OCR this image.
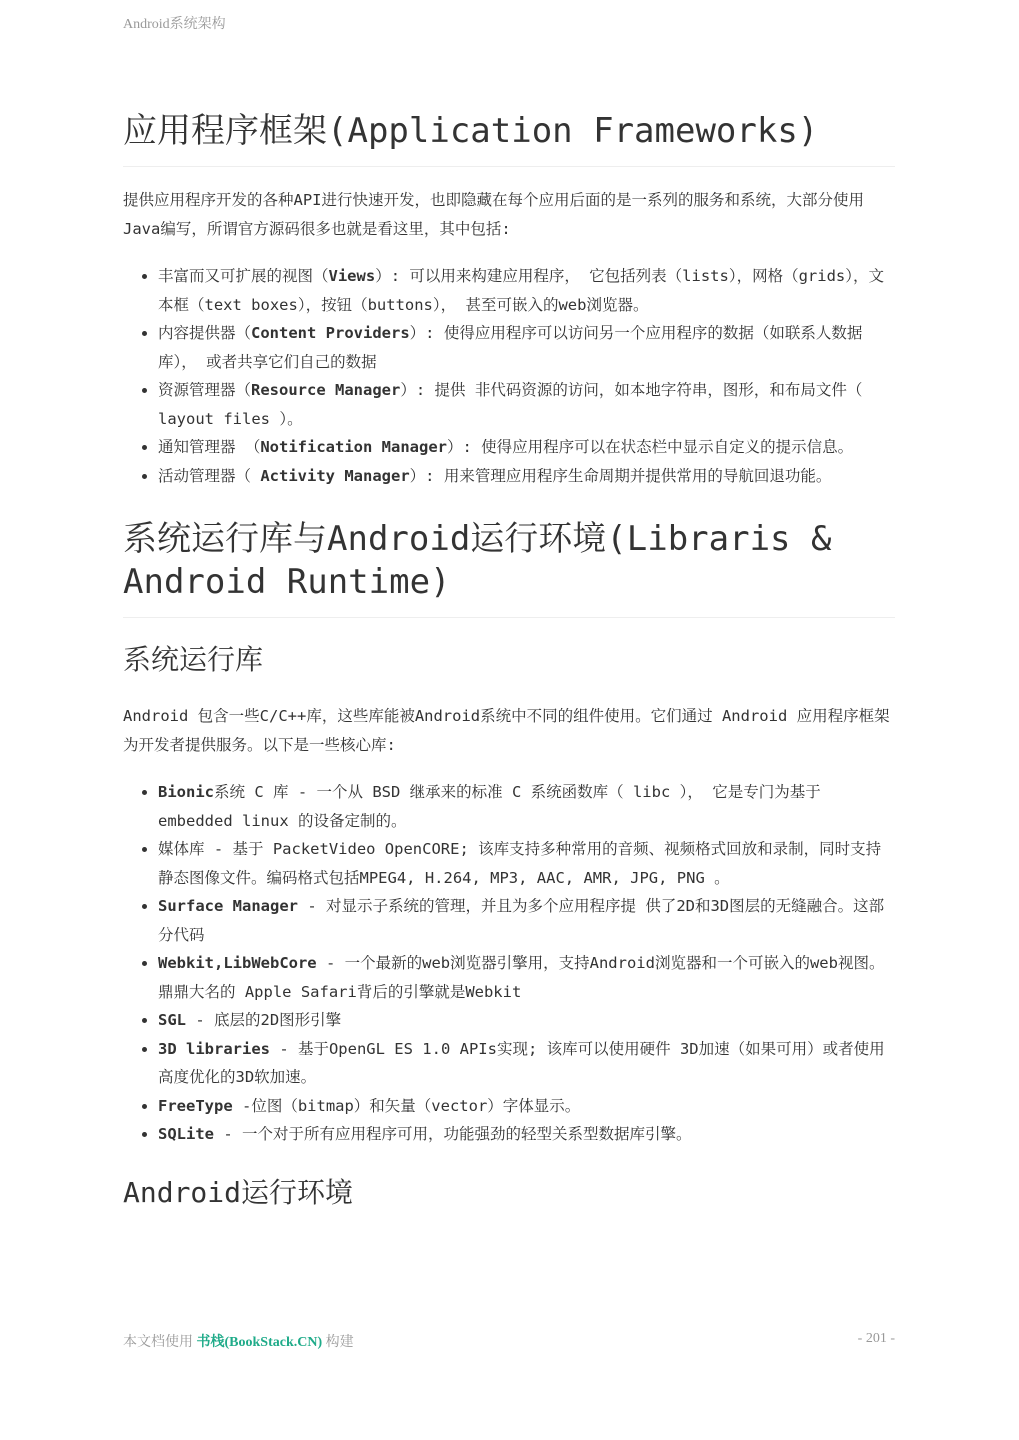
Android系统架构
应用程序框架(Application Frameworks)

提供应用程序开发的各种API进行快速开发，也即隐藏在每个应用后面的是一系列的服务和系统，大部分使用Java编写，所谓官方源码很多也就是看这里，其中包括:

• 丰富而又可扩展的视图（Views）: 可以用来构建应用程序， 它包括列表（lists），网格（grids），文本框（text boxes），按钮（buttons）， 甚至可嵌入的web浏览器。
• 内容提供器（Content Providers）: 使得应用程序可以访问另一个应用程序的数据（如联系人数据库）， 或者共享它们自己的数据
• 资源管理器（Resource Manager）: 提供 非代码资源的访问，如本地字符串，图形，和布局文件（ layout files ）。
• 通知管理器 （Notification Manager）: 使得应用程序可以在状态栏中显示自定义的提示信息。
• 活动管理器（ Activity Manager）: 用来管理应用程序生命周期并提供常用的导航回退功能。
系统运行库与Android运行环境(Libraris & Android Runtime)
系统运行库

Android 包含一些C/C++库，这些库能被Android系统中不同的组件使用。它们通过 Android 应用程序框架为开发者提供服务。以下是一些核心库:

• Bionic系统 C 库 - 一个从 BSD 继承来的标准 C 系统函数库（ libc ）， 它是专门为基于 embedded linux 的设备定制的。
• 媒体库 - 基于 PacketVideo OpenCORE; 该库支持多种常用的音频、视频格式回放和录制，同时支持静态图像文件。编码格式包括MPEG4, H.264, MP3, AAC, AMR, JPG, PNG 。
• Surface Manager - 对显示子系统的管理，并且为多个应用程序提 供了2D和3D图层的无缝融合。这部分代码
• Webkit,LibWebCore - 一个最新的web浏览器引擎用，支持Android浏览器和一个可嵌入的web视图。鼎鼎大名的 Apple Safari背后的引擎就是Webkit
• SGL - 底层的2D图形引擎
• 3D libraries - 基于OpenGL ES 1.0 APIs实现; 该库可以使用硬件 3D加速（如果可用）或者使用高度优化的3D软加速。
• FreeType -位图（bitmap）和矢量（vector）字体显示。
• SQLite - 一个对于所有应用程序可用，功能强劲的轻型关系型数据库引擎。
Android运行环境
本文档使用 书栈(BookStack.CN) 构建	- 201 -
